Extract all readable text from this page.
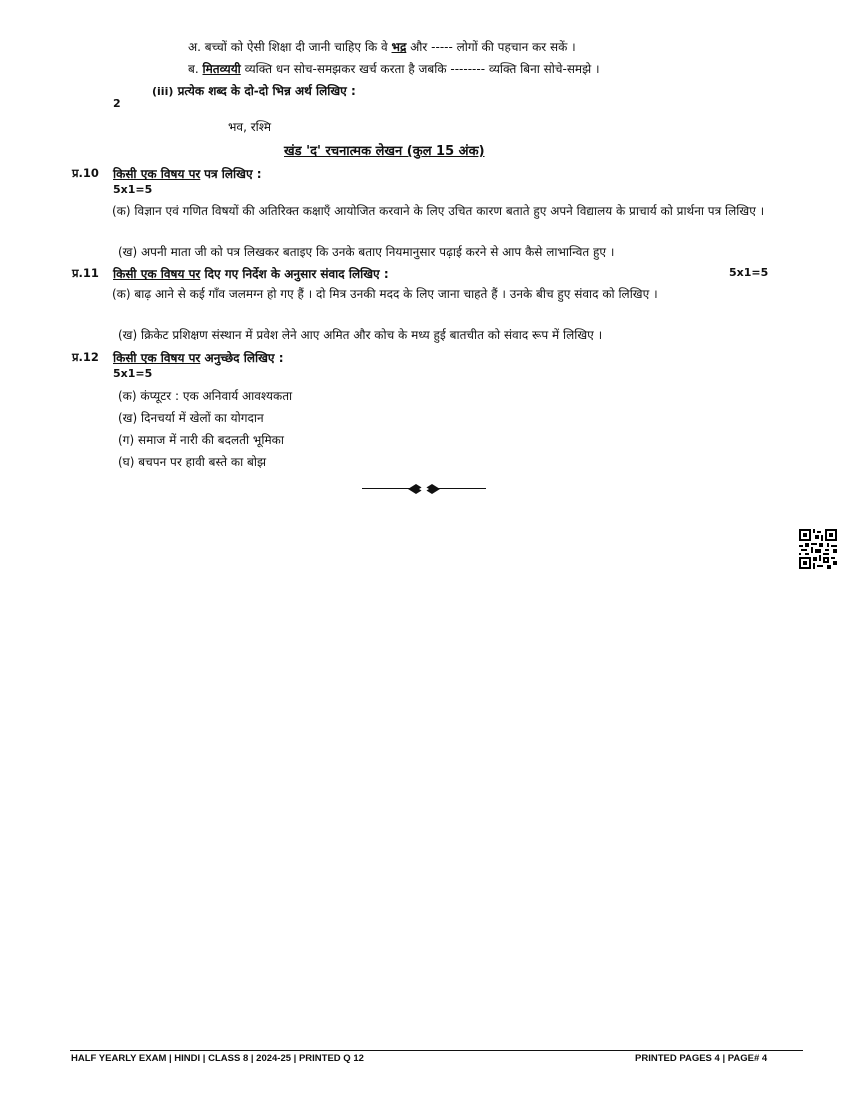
अ. बच्चों को ऐसी शिक्षा दी जानी चाहिए कि वे भद्र और ----- लोगों की पहचान कर सकें ।
ब. मितव्ययी व्यक्ति धन सोच-समझकर खर्च करता है जबकि -------- व्यक्ति बिना सोचे-समझे ।
(iii) प्रत्येक शब्द के दो-दो भिन्न अर्थ लिखिए :
2
भव, रश्मि
खंड 'द' रचनात्मक लेखन (कुल 15 अंक)
प्र.10 किसी एक विषय पर पत्र लिखिए :
5x1=5
(क) विज्ञान एवं गणित विषयों की अतिरिक्त कक्षाएँ आयोजित करवाने के लिए उचित कारण बताते हुए अपने विद्यालय के प्राचार्य को प्रार्थना पत्र लिखिए ।
(ख) अपनी माता जी को पत्र लिखकर बताइए कि उनके बताए नियमानुसार पढ़ाई करने से आप कैसे लाभान्वित हुए ।
प्र.11 किसी एक विषय पर दिए गए निर्देश के अनुसार संवाद लिखिए :	5x1=5
(क) बाढ़ आने से कई गाँव जलमग्न हो गए हैं । दो मित्र उनकी मदद के लिए जाना चाहते हैं । उनके बीच हुए संवाद को लिखिए ।
(ख) क्रिकेट प्रशिक्षण संस्थान में प्रवेश लेने आए अमित और कोच के मध्य हुई बातचीत को संवाद रूप में लिखिए ।
प्र.12 किसी एक विषय पर अनुच्छेद लिखिए :
5x1=5
(क) कंप्यूटर : एक अनिवार्य आवश्यकता
(ख) दिनचर्या में खेलों का योगदान
(ग) समाज में नारी की बदलती भूमिका
(घ) बचपन पर हावी बस्ते का बोझ
HALF YEARLY EXAM | HINDI | CLASS 8 | 2024-25 | PRINTED Q 12	PRINTED PAGES 4 | PAGE# 4
